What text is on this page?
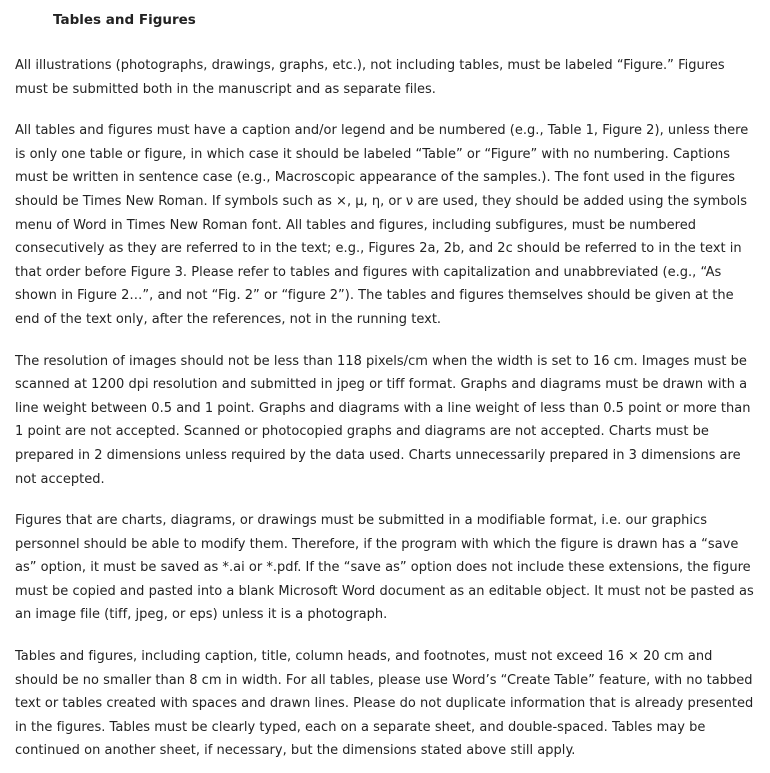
Tables and Figures

All illustrations (photographs, drawings, graphs, etc.), not including tables, must be labeled “Figure.” Figures must be submitted both in the manuscript and as separate files.

All tables and figures must have a caption and/or legend and be numbered (e.g., Table 1, Figure 2), unless there is only one table or figure, in which case it should be labeled “Table” or “Figure” with no numbering. Captions must be written in sentence case (e.g., Macroscopic appearance of the samples.). The font used in the figures should be Times New Roman. If symbols such as ×, µ, η, or ν are used, they should be added using the symbols menu of Word in Times New Roman font. All tables and figures, including subfigures, must be numbered consecutively as they are referred to in the text; e.g., Figures 2a, 2b, and 2c should be referred to in the text in that order before Figure 3. Please refer to tables and figures with capitalization and unabbreviated (e.g., “As shown in Figure 2…”, and not “Fig. 2” or “figure 2”). The tables and figures themselves should be given at the end of the text only, after the references, not in the running text.

The resolution of images should not be less than 118 pixels/cm when the width is set to 16 cm. Images must be scanned at 1200 dpi resolution and submitted in jpeg or tiff format. Graphs and diagrams must be drawn with a line weight between 0.5 and 1 point. Graphs and diagrams with a line weight of less than 0.5 point or more than 1 point are not accepted. Scanned or photocopied graphs and diagrams are not accepted. Charts must be prepared in 2 dimensions unless required by the data used. Charts unnecessarily prepared in 3 dimensions are not accepted.

Figures that are charts, diagrams, or drawings must be submitted in a modifiable format, i.e. our graphics personnel should be able to modify them. Therefore, if the program with which the figure is drawn has a “save as” option, it must be saved as *.ai or *.pdf. If the “save as” option does not include these extensions, the figure must be copied and pasted into a blank Microsoft Word document as an editable object. It must not be pasted as an image file (tiff, jpeg, or eps) unless it is a photograph.

Tables and figures, including caption, title, column heads, and footnotes, must not exceed 16 × 20 cm and should be no smaller than 8 cm in width. For all tables, please use Word’s “Create Table” feature, with no tabbed text or tables created with spaces and drawn lines. Please do not duplicate information that is already presented in the figures. Tables must be clearly typed, each on a separate sheet, and double-spaced. Tables may be continued on another sheet, if necessary, but the dimensions stated above still apply.
